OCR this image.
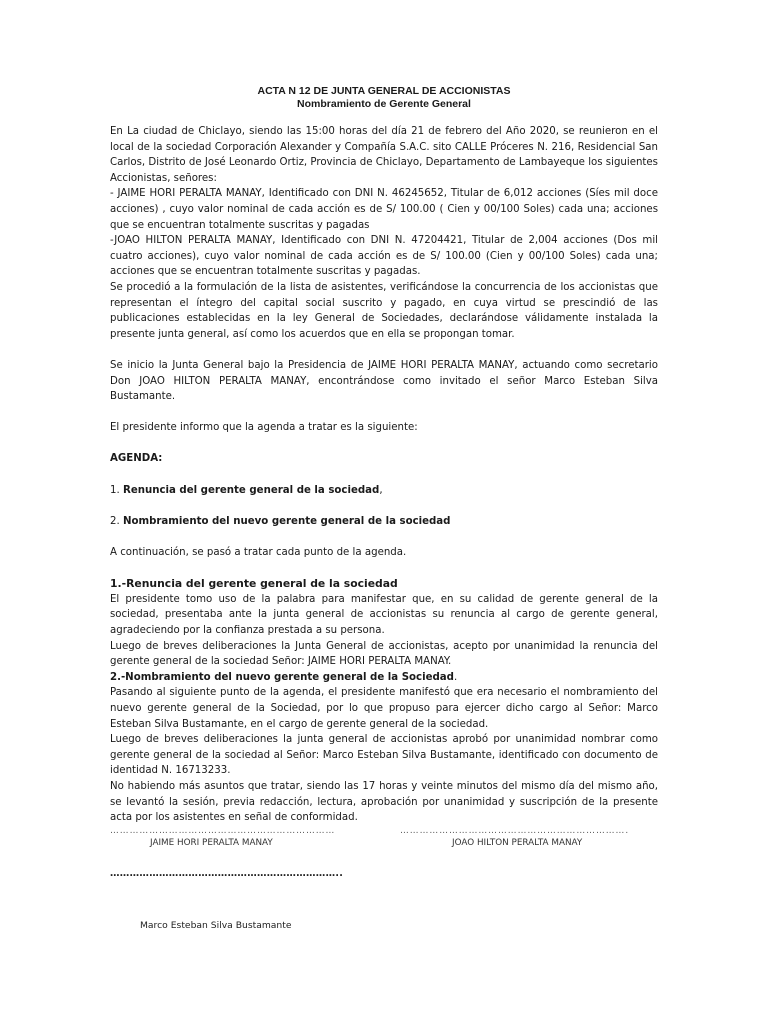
ACTA N 12 DE JUNTA GENERAL DE ACCIONISTAS
Nombramiento de Gerente General

En La ciudad de Chiclayo, siendo las 15:00 horas del día 21 de febrero del Año 2020, se reunieron en el local de la sociedad Corporación Alexander y Compañía S.A.C. sito CALLE Próceres N. 216, Residencial San Carlos, Distrito de José Leonardo Ortiz, Provincia de Chiclayo, Departamento de Lambayeque los siguientes Accionistas, señores:

- JAIME HORI PERALTA MANAY, Identificado con DNI N. 46245652, Titular de 6,012 acciones (Síes mil doce acciones) , cuyo valor nominal de cada acción es de S/ 100.00 ( Cien y 00/100 Soles) cada una; acciones que se encuentran totalmente suscritas y pagadas

-JOAO HILTON PERALTA MANAY, Identificado con DNI N. 47204421, Titular de 2,004 acciones (Dos mil cuatro acciones), cuyo valor nominal de cada acción es de S/ 100.00 (Cien y 00/100 Soles) cada una; acciones que se encuentran totalmente suscritas y pagadas.

Se procedió a la formulación de la lista de asistentes, verificándose la concurrencia de los accionistas que representan el íntegro del capital social suscrito y pagado, en cuya virtud se prescindió de las publicaciones establecidas en la ley General de Sociedades, declarándose válidamente instalada la presente junta general, así como los acuerdos que en ella se propongan tomar.

Se inicio la Junta General bajo la Presidencia de JAIME HORI PERALTA MANAY, actuando como secretario Don JOAO HILTON PERALTA MANAY, encontrándose como invitado el señor Marco Esteban Silva Bustamante.

El presidente informo que la agenda a tratar es la siguiente:

AGENDA:

1. Renuncia del gerente general de la sociedad,

2. Nombramiento del nuevo gerente general de la sociedad

A continuación, se pasó a tratar cada punto de la agenda.

1.-Renuncia del gerente general de la sociedad

El presidente tomo uso de la palabra para manifestar que, en su calidad de gerente general de la sociedad, presentaba ante la junta general de accionistas su renuncia al cargo de gerente general, agradeciendo por la confianza prestada a su persona.

Luego de breves deliberaciones la Junta General de accionistas, acepto por unanimidad la renuncia del gerente general de la sociedad Señor: JAIME HORI PERALTA MANAY.

2.-Nombramiento del nuevo gerente general de la Sociedad.

Pasando al siguiente punto de la agenda, el presidente manifestó que era necesario el nombramiento del nuevo gerente general de la Sociedad, por lo que propuso para ejercer dicho cargo al Señor: Marco Esteban Silva Bustamante, en el cargo de gerente general de la sociedad.

Luego de breves deliberaciones la junta general de accionistas aprobó por unanimidad nombrar como gerente general de la sociedad al Señor: Marco Esteban Silva Bustamante, identificado con documento de identidad N. 16713233.

No habiendo más asuntos que tratar, siendo las 17 horas y veinte minutos del mismo día del mismo año, se levantó la sesión, previa redacción, lectura, aprobación por unanimidad y suscripción de la presente acta por los asistentes en señal de conformidad.

……………………………………………………………	…………………………………………………………….
JAIME HORI PERALTA MANAY	JOAO HILTON PERALTA MANAY
……………………………………………………………..
Marco Esteban Silva Bustamante
